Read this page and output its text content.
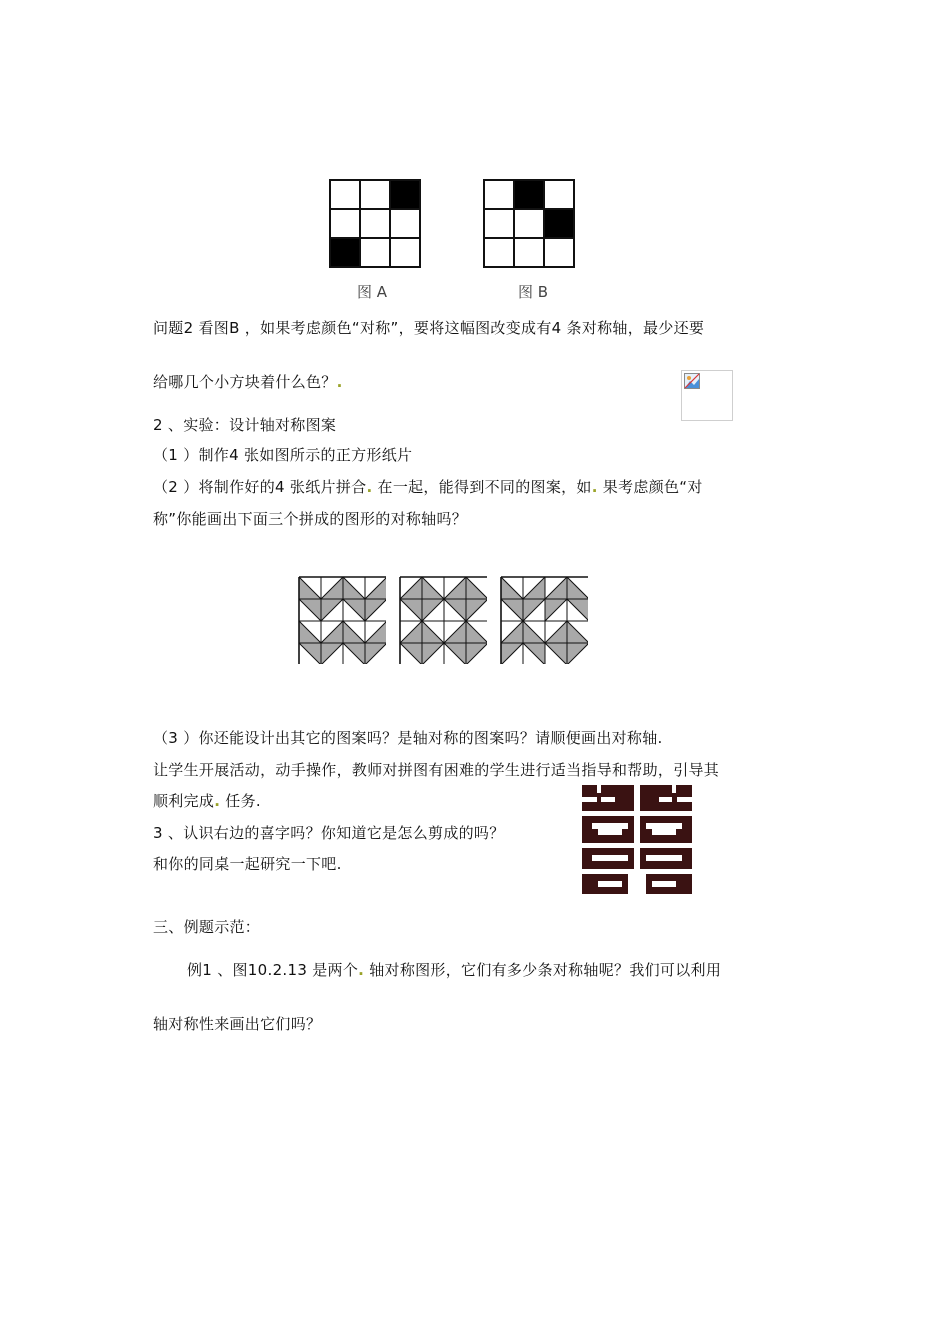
图 A	图 B
问题2 看图B ，如果考虑颜色“对称”，要将这幅图改变成有4 条对称轴，最少还要
给哪几个小方块着什么色？.
2 、实验：设计轴对称图案
（1 ）制作4 张如图所示的正方形纸片
（2 ）将制作好的4 张纸片拼合. 在一起，能得到不同的图案，如. 果考虑颜色“对
称”你能画出下面三个拼成的图形的对称轴吗？
（3 ）你还能设计出其它的图案吗？是轴对称的图案吗？请顺便画出对称轴.
让学生开展活动，动手操作，教师对拼图有困难的学生进行适当指导和帮助，引导其
顺利完成. 任务.
3 、认识右边的喜字吗？你知道它是怎么剪成的吗？
和你的同桌一起研究一下吧.
三、例题示范：
例1 、图10.2.13 是两个. 轴对称图形，它们有多少条对称轴呢？我们可以利用
轴对称性来画出它们吗？
